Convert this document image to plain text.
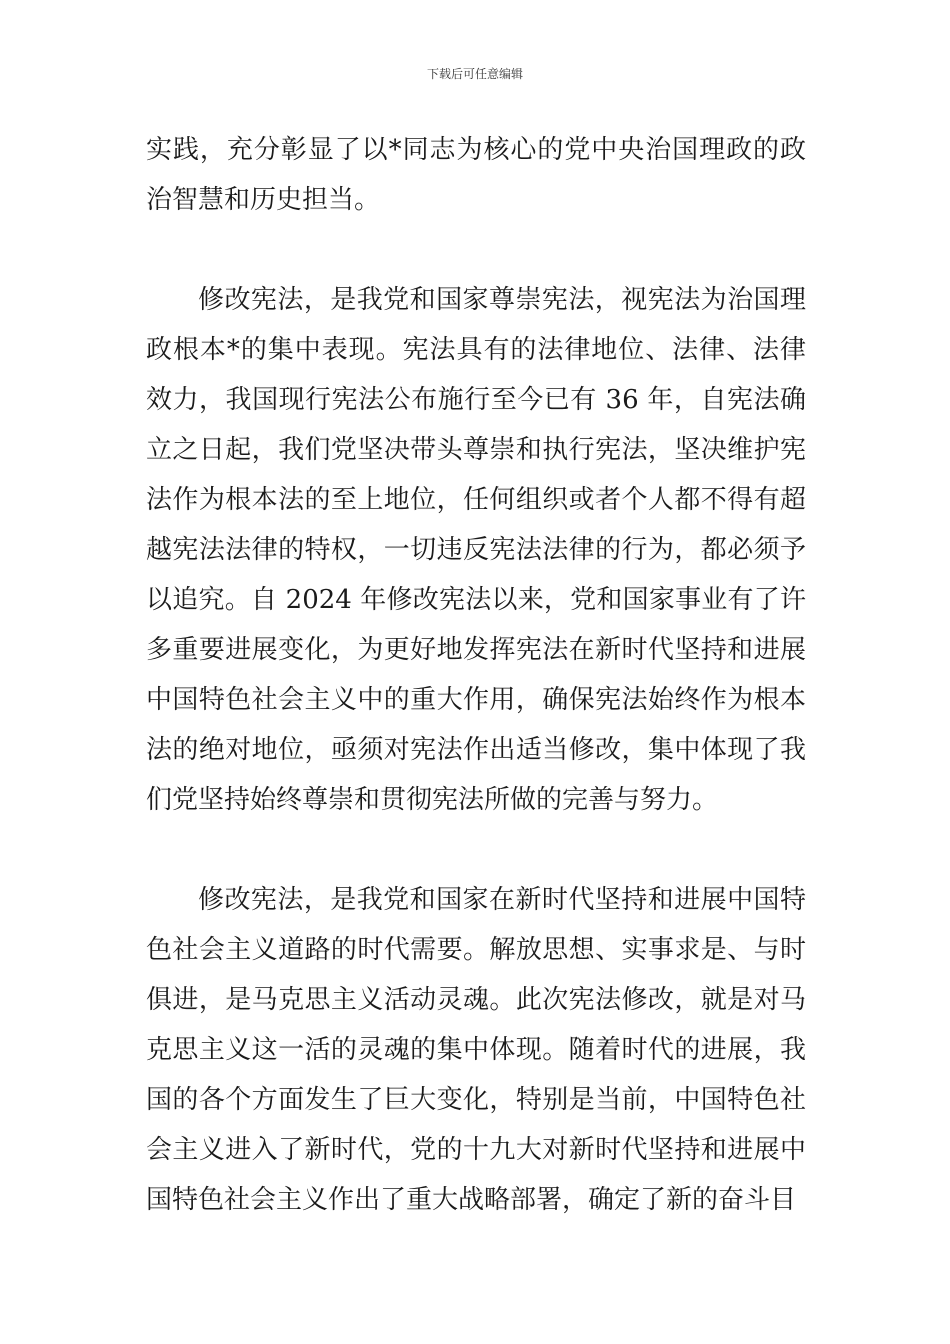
下载后可任意编辑

实践，充分彰显了以*同志为核心的党中央治国理政的政治智慧和历史担当。

修改宪法，是我党和国家尊崇宪法，视宪法为治国理政根本*的集中表现。宪法具有的法律地位、法律、法律效力，我国现行宪法公布施行至今已有 36 年，自宪法确立之日起，我们党坚决带头尊崇和执行宪法，坚决维护宪法作为根本法的至上地位，任何组织或者个人都不得有超越宪法法律的特权，一切违反宪法法律的行为，都必须予以追究。自 2024 年修改宪法以来，党和国家事业有了许多重要进展变化，为更好地发挥宪法在新时代坚持和进展中国特色社会主义中的重大作用，确保宪法始终作为根本法的绝对地位，亟须对宪法作出适当修改，集中体现了我们党坚持始终尊崇和贯彻宪法所做的完善与努力。

修改宪法，是我党和国家在新时代坚持和进展中国特色社会主义道路的时代需要。解放思想、实事求是、与时俱进，是马克思主义活动灵魂。此次宪法修改，就是对马克思主义这一活的灵魂的集中体现。随着时代的进展，我国的各个方面发生了巨大变化，特别是当前，中国特色社会主义进入了新时代，党的十九大对新时代坚持和进展中国特色社会主义作出了重大战略部署，确定了新的奋斗目
